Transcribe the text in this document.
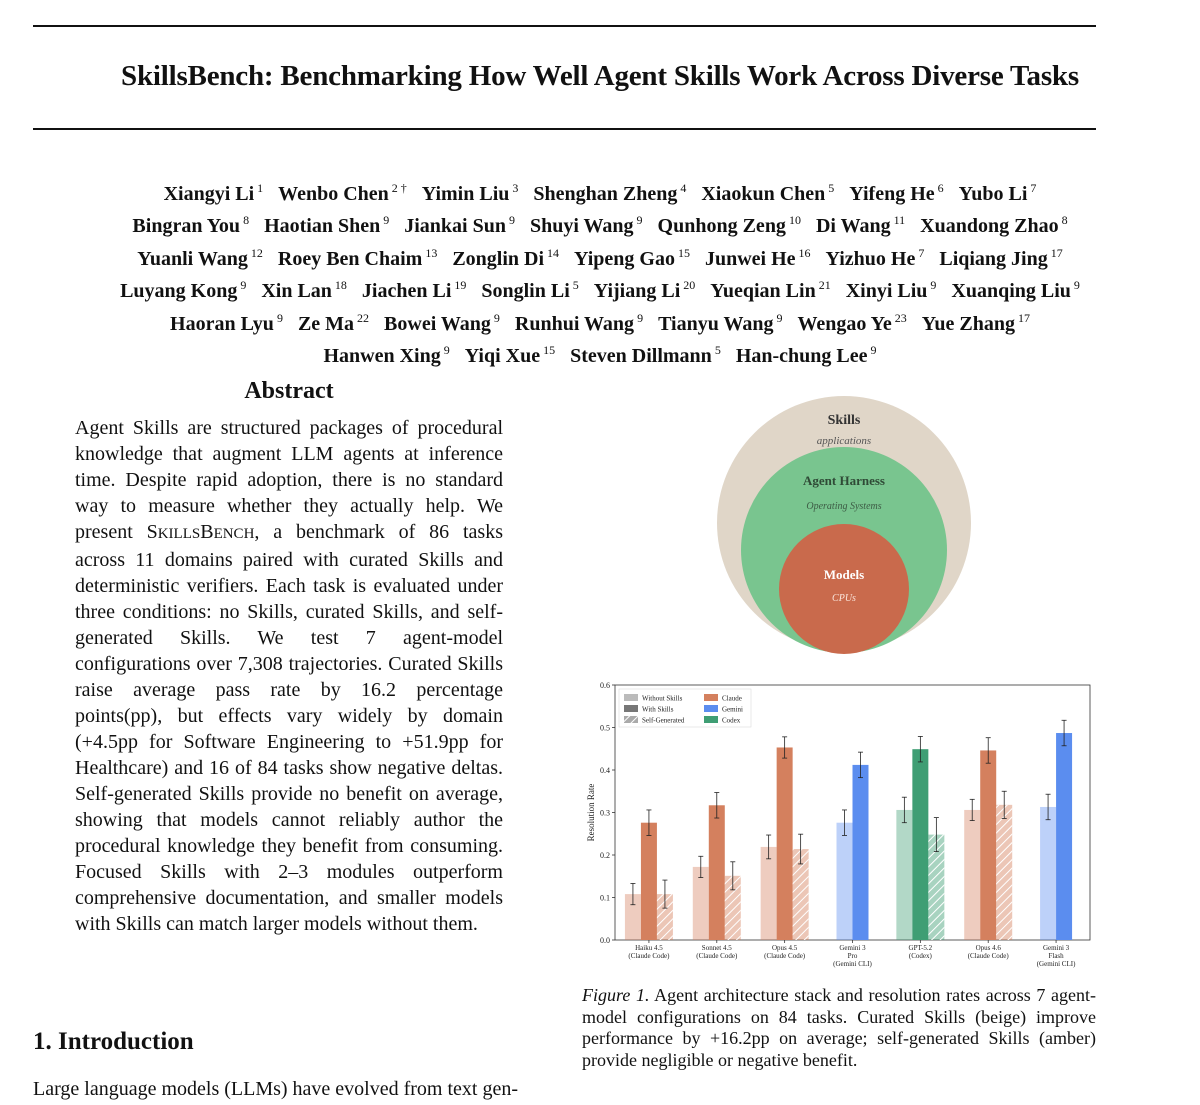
SkillsBench: Benchmarking How Well Agent Skills Work Across Diverse Tasks
Xiangyi Li $^1$ Wenbo Chen $^{2 \dagger}$ Yimin Liu $^3$ Shenghan Zheng $^4$ Xiaokun Chen $^5$ Yifeng He $^6$ Yubo Li $^7$
Bingran You $^8$ Haotian Shen $^9$ Jiankai Sun $^9$ Shuyi Wang $^9$ Qunhong Zeng $^{10}$ Di Wang $^{11}$ Xuandong Zhao $^8$
Yuanli Wang $^{12}$ Roey Ben Chaim $^{13}$ Zonglin Di $^{14}$ Yipeng Gao $^{15}$ Junwei He $^{16}$ Yizhuo He $^7$ Liqiang Jing $^{17}$
Luyang Kong $^9$ Xin Lan $^{18}$ Jiachen Li $^{19}$ Songlin Li $^5$ Yijiang Li $^{20}$ Yueqian Lin $^{21}$ Xinyi Liu $^9$ Xuanqing Liu $^9$
Haoran Lyu $^9$ Ze Ma $^{22}$ Bowei Wang $^9$ Runhui Wang $^9$ Tianyu Wang $^9$ Wengao Ye $^{23}$ Yue Zhang $^{17}$
Hanwen Xing $^9$ Yiqi Xue $^{15}$ Steven Dillmann $^5$ Han-chung Lee $^9$
Abstract

Agent Skills are structured packages of procedural knowledge that augment LLM agents at inference time. Despite rapid adoption, there is no standard way to measure whether they actually help. We present SKILLSBENCH, a benchmark of 86 tasks across 11 domains paired with curated Skills and deterministic verifiers. Each task is evaluated under three conditions: no Skills, curated Skills, and self-generated Skills. We test 7 agent-model configurations over 7,308 trajectories. Curated Skills raise average pass rate by 16.2 percentage points(pp), but effects vary widely by domain (+4.5pp for Software Engineering to +51.9pp for Healthcare) and 16 of 84 tasks show negative deltas. Self-generated Skills provide no benefit on average, showing that models cannot reliably author the procedural knowledge they benefit from consuming. Focused Skills with 2–3 modules outperform comprehensive documentation, and smaller models with Skills can match larger models without them.

1. Introduction

Large language models (LLMs) have evolved from text gen-

Skills
applications
Agent Harness
Operating Systems
Models
CPUs
0.0
0.1
0.2
0.3
0.4
0.5
0.6
Resolution Rate
Haiku 4.5
(Claude Code)
Sonnet 4.5
(Claude Code)
Opus 4.5
(Claude Code)
Gemini 3
Pro
(Gemini CLI)
GPT-5.2
(Codex)
Opus 4.6
(Claude Code)
Gemini 3
Flash
(Gemini CLI)
Without Skills
With Skills
Self-Generated
Claude
Gemini
Codex

Figure 1. Agent architecture stack and resolution rates across 7 agent-model configurations on 84 tasks. Curated Skills (beige) improve performance by +16.2pp on average; self-generated Skills (amber) provide negligible or negative benefit.
